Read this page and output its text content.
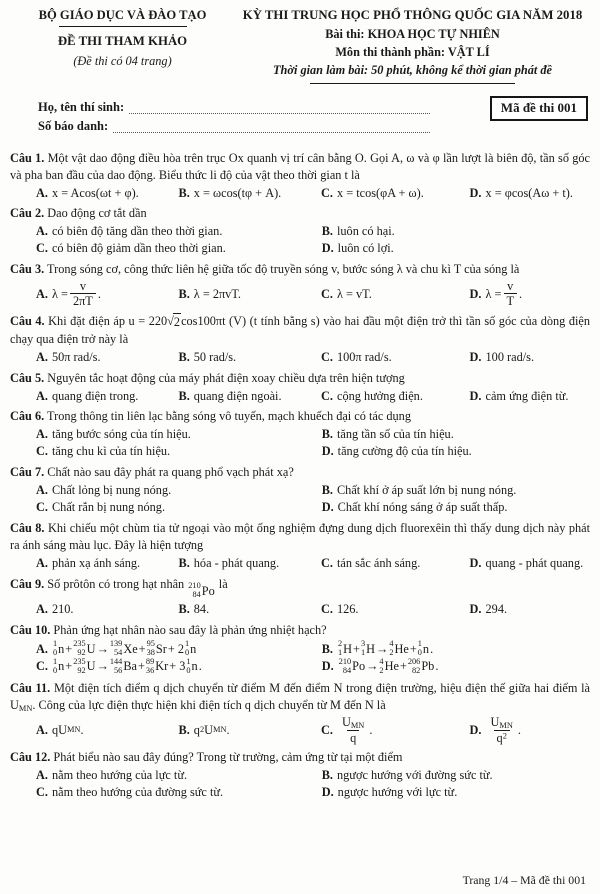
BỘ GIÁO DỤC VÀ ĐÀO TẠO
ĐỀ THI THAM KHẢO
(Đề thi có 04 trang)
KỲ THI TRUNG HỌC PHỔ THÔNG QUỐC GIA NĂM 2018
Bài thi: KHOA HỌC TỰ NHIÊN
Môn thi thành phần: VẬT LÍ
Thời gian làm bài: 50 phút, không kể thời gian phát đề
Họ, tên thí sinh:
Số báo danh:
Mã đề thi 001
Câu 1. Một vật dao động điều hòa trên trục Ox quanh vị trí cân bằng O. Gọi A, ω và φ lần lượt là biên độ, tần số góc và pha ban đầu của dao động. Biểu thức li độ của vật theo thời gian t là
A. x = Acos(ωt + φ).	B. x = ωcos(tφ + A).	C. x = tcos(φA + ω).	D. x = φcos(Aω + t).
Câu 2. Dao động cơ tắt dần
A. có biên độ tăng dần theo thời gian.	B. luôn có hại.
C. có biên độ giảm dần theo thời gian.	D. luôn có lợi.
Câu 3. Trong sóng cơ, công thức liên hệ giữa tốc độ truyền sóng v, bước sóng λ và chu kì T của sóng là
A. $\lambda = \frac{v}{2\pi T}$ .	B. λ = 2πvT.	C. λ = vT.	D. $\lambda = \frac{v}{T}$ .
Câu 4. Khi đặt điện áp u = 220√ 2 cos100πt (V) (t tính bằng s) vào hai đầu một điện trở thì tần số góc của dòng điện chạy qua điện trở này là
A. 50π rad/s.	B. 50 rad/s.	C. 100π rad/s.	D. 100 rad/s.
Câu 5. Nguyên tắc hoạt động của máy phát điện xoay chiều dựa trên hiện tượng
A. quang điện trong.	B. quang điện ngoài.	C. cộng hưởng điện.	D. cảm ứng điện từ.
Câu 6. Trong thông tin liên lạc bằng sóng vô tuyến, mạch khuếch đại có tác dụng
A. tăng bước sóng của tín hiệu.	B. tăng tần số của tín hiệu.
C. tăng chu kì của tín hiệu.	D. tăng cường độ của tín hiệu.
Câu 7. Chất nào sau đây phát ra quang phổ vạch phát xạ?
A. Chất lỏng bị nung nóng.	B. Chất khí ở áp suất lớn bị nung nóng.
C. Chất rắn bị nung nóng.	D. Chất khí nóng sáng ở áp suất thấp.
Câu 8. Khi chiếu một chùm tia tử ngoại vào một ống nghiệm đựng dung dịch fluorexêin thì thấy dung dịch này phát ra ánh sáng màu lục. Đây là hiện tượng
A. phản xạ ánh sáng.	B. hóa - phát quang.	C. tán sắc ánh sáng.	D. quang - phát quang.
Câu 9. Số prôtôn có trong hạt nhân 210
84 Po là
A. 210.	B. 84.	C. 126.	D. 294.
Câu 10. Phản ứng hạt nhân nào sau đây là phản ứng nhiệt hạch?
A. 1
0 n + 235
92 U → 139
54 Xe + 95
38 Sr + 2 1
0 n	B. 2
1 H + 3
1 H → 4
2 He + 1
0 n .
C. 1
0 n + 235
92 U → 144
56 Ba + 89
36 Kr + 3 1
0 n .	D. 210
84 Po → 4
2 He + 206
82 Pb .
Câu 11. Một điện tích điểm q dịch chuyển từ điểm M đến điểm N trong điện trường, hiệu điện thế giữa hai điểm là $U_{MN}$. Công của lực điện thực hiện khi điện tích q dịch chuyển từ M đến N là
A. qU MN .	B. q 2 U MN .	C. $\frac{U_{MN}}{q}$ .	D. $\frac{U_{MN}}{q^2}$ .
Câu 12. Phát biểu nào sau đây đúng? Trong từ trường, cảm ứng từ tại một điểm
A. nằm theo hướng của lực từ.	B. ngược hướng với đường sức từ.
C. nằm theo hướng của đường sức từ.	D. ngược hướng với lực từ.
Trang 1/4 – Mã đề thi 001
